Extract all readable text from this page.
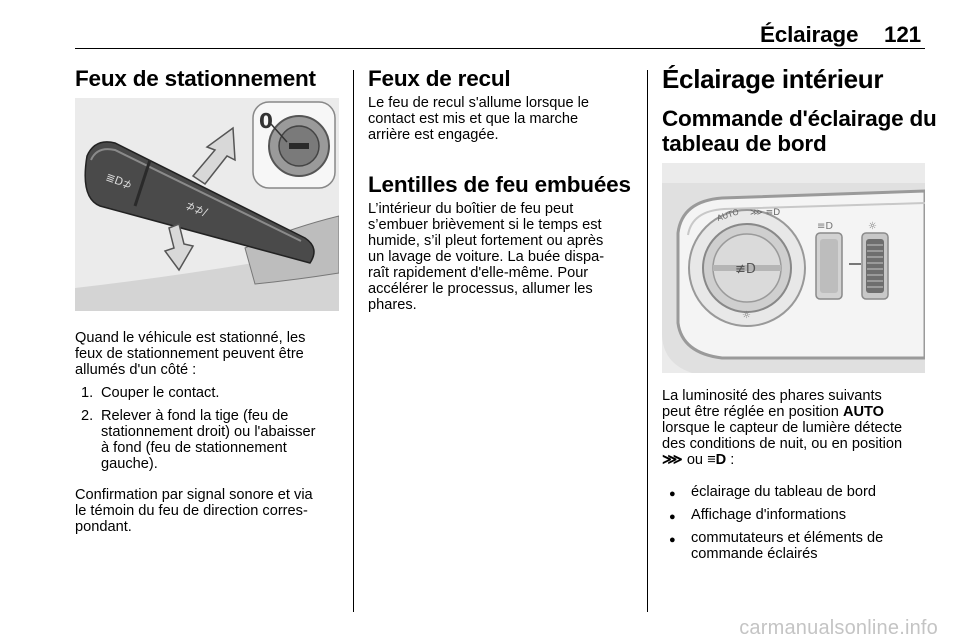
Éclairage 121
Feux de stationnement
≣D⊅
⊅⊅/
0
Quand le véhicule est stationné, les
feux de stationnement peuvent être
allumés d'un côté :
1. Couper le contact.
2. Relever à fond la tige (feu de
stationnement droit) ou l'abaisser
à fond (feu de stationnement
gauche).
Confirmation par signal sonore et via
le témoin du feu de direction corres-
pondant.
Feux de recul
Le feu de recul s'allume lorsque le
contact est mis et que la marche
arrière est engagée.
Lentilles de feu embuées
L’intérieur du boîtier de feu peut
s’embuer brièvement si le temps est
humide, s’il pleut fortement ou après
un lavage de voiture. La buée dispa-
raît rapidement d'elle-même. Pour
accélérer le processus, allumer les
phares.
Éclairage intérieur
Commande d'éclairage du
tableau de bord
≢D
AUTO ⋙ ≡D
☼
≡D	☼
La luminosité des phares suivants
peut être réglée en position AUTO
lorsque le capteur de lumière détecte
des conditions de nuit, ou en position
⋙ ou ≡D :
● éclairage du tableau de bord
● Affichage d'informations
● commutateurs et éléments de
commande éclairés
carmanualsonline.info
